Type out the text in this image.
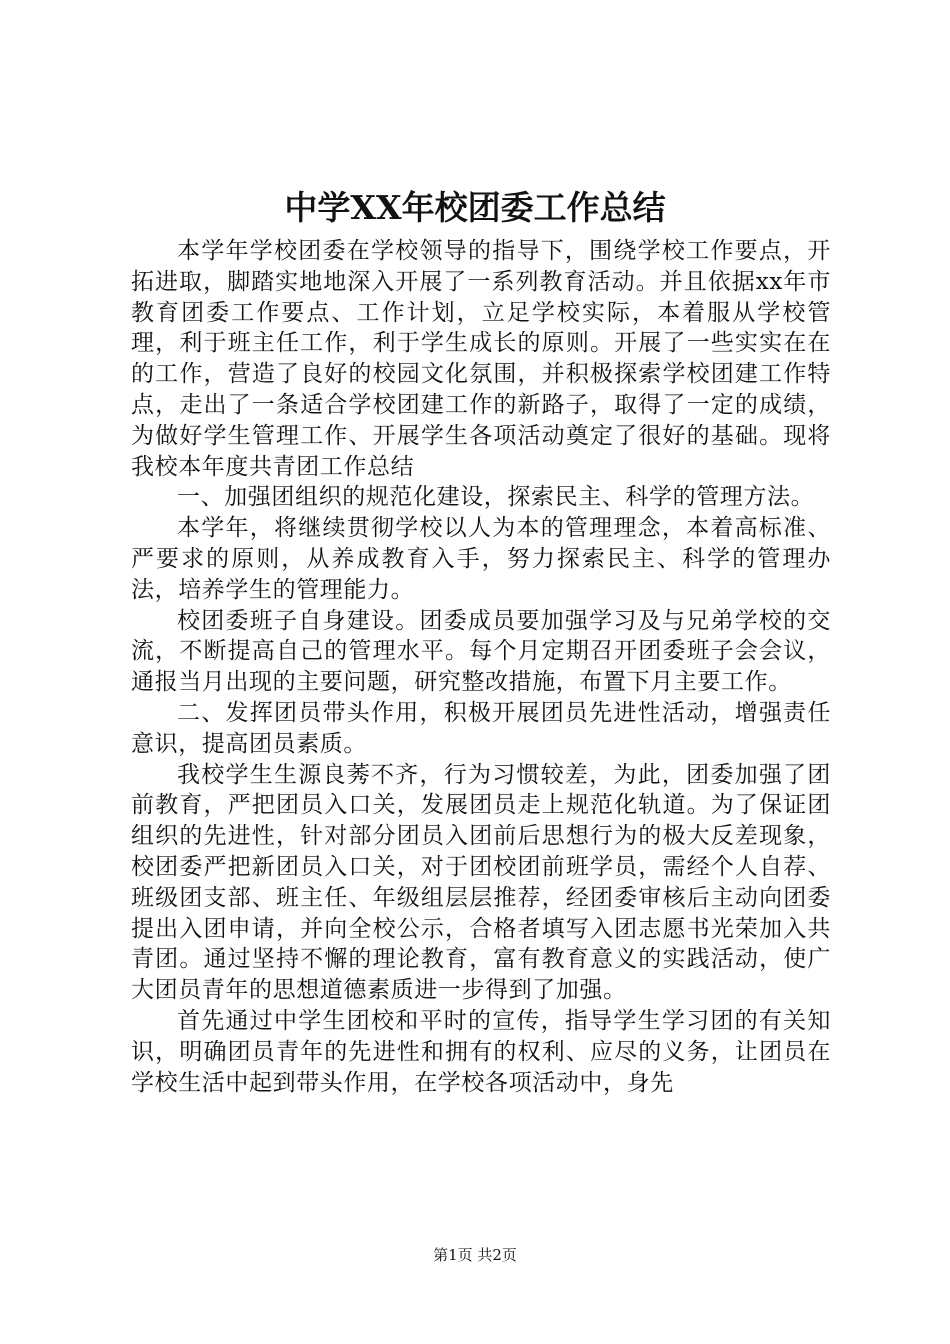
中学XX年校团委工作总结

本学年学校团委在学校领导的指导下，围绕学校工作要点，开拓进取，脚踏实地地深入开展了一系列教育活动。并且依据xx年市教育团委工作要点、工作计划，立足学校实际，本着服从学校管理，利于班主任工作，利于学生成长的原则。开展了一些实实在在的工作，营造了良好的校园文化氛围，并积极探索学校团建工作特点，走出了一条适合学校团建工作的新路子，取得了一定的成绩，为做好学生管理工作、开展学生各项活动奠定了很好的基础。现将我校本年度共青团工作总结

一、加强团组织的规范化建设，探索民主、科学的管理方法。

本学年，将继续贯彻学校以人为本的管理理念，本着高标准、严要求的原则，从养成教育入手，努力探索民主、科学的管理办法，培养学生的管理能力。

校团委班子自身建设。团委成员要加强学习及与兄弟学校的交流，不断提高自己的管理水平。每个月定期召开团委班子会会议，通报当月出现的主要问题，研究整改措施，布置下月主要工作。

二、发挥团员带头作用，积极开展团员先进性活动，增强责任意识，提高团员素质。

我校学生生源良莠不齐，行为习惯较差，为此，团委加强了团前教育，严把团员入口关，发展团员走上规范化轨道。为了保证团组织的先进性，针对部分团员入团前后思想行为的极大反差现象，校团委严把新团员入口关，对于团校团前班学员，需经个人自荐、班级团支部、班主任、年级组层层推荐，经团委审核后主动向团委提出入团申请，并向全校公示，合格者填写入团志愿书光荣加入共青团。通过坚持不懈的理论教育，富有教育意义的实践活动，使广大团员青年的思想道德素质进一步得到了加强。

首先通过中学生团校和平时的宣传，指导学生学习团的有关知识，明确团员青年的先进性和拥有的权利、应尽的义务，让团员在学校生活中起到带头作用，在学校各项活动中，身先

第1页 共2页
